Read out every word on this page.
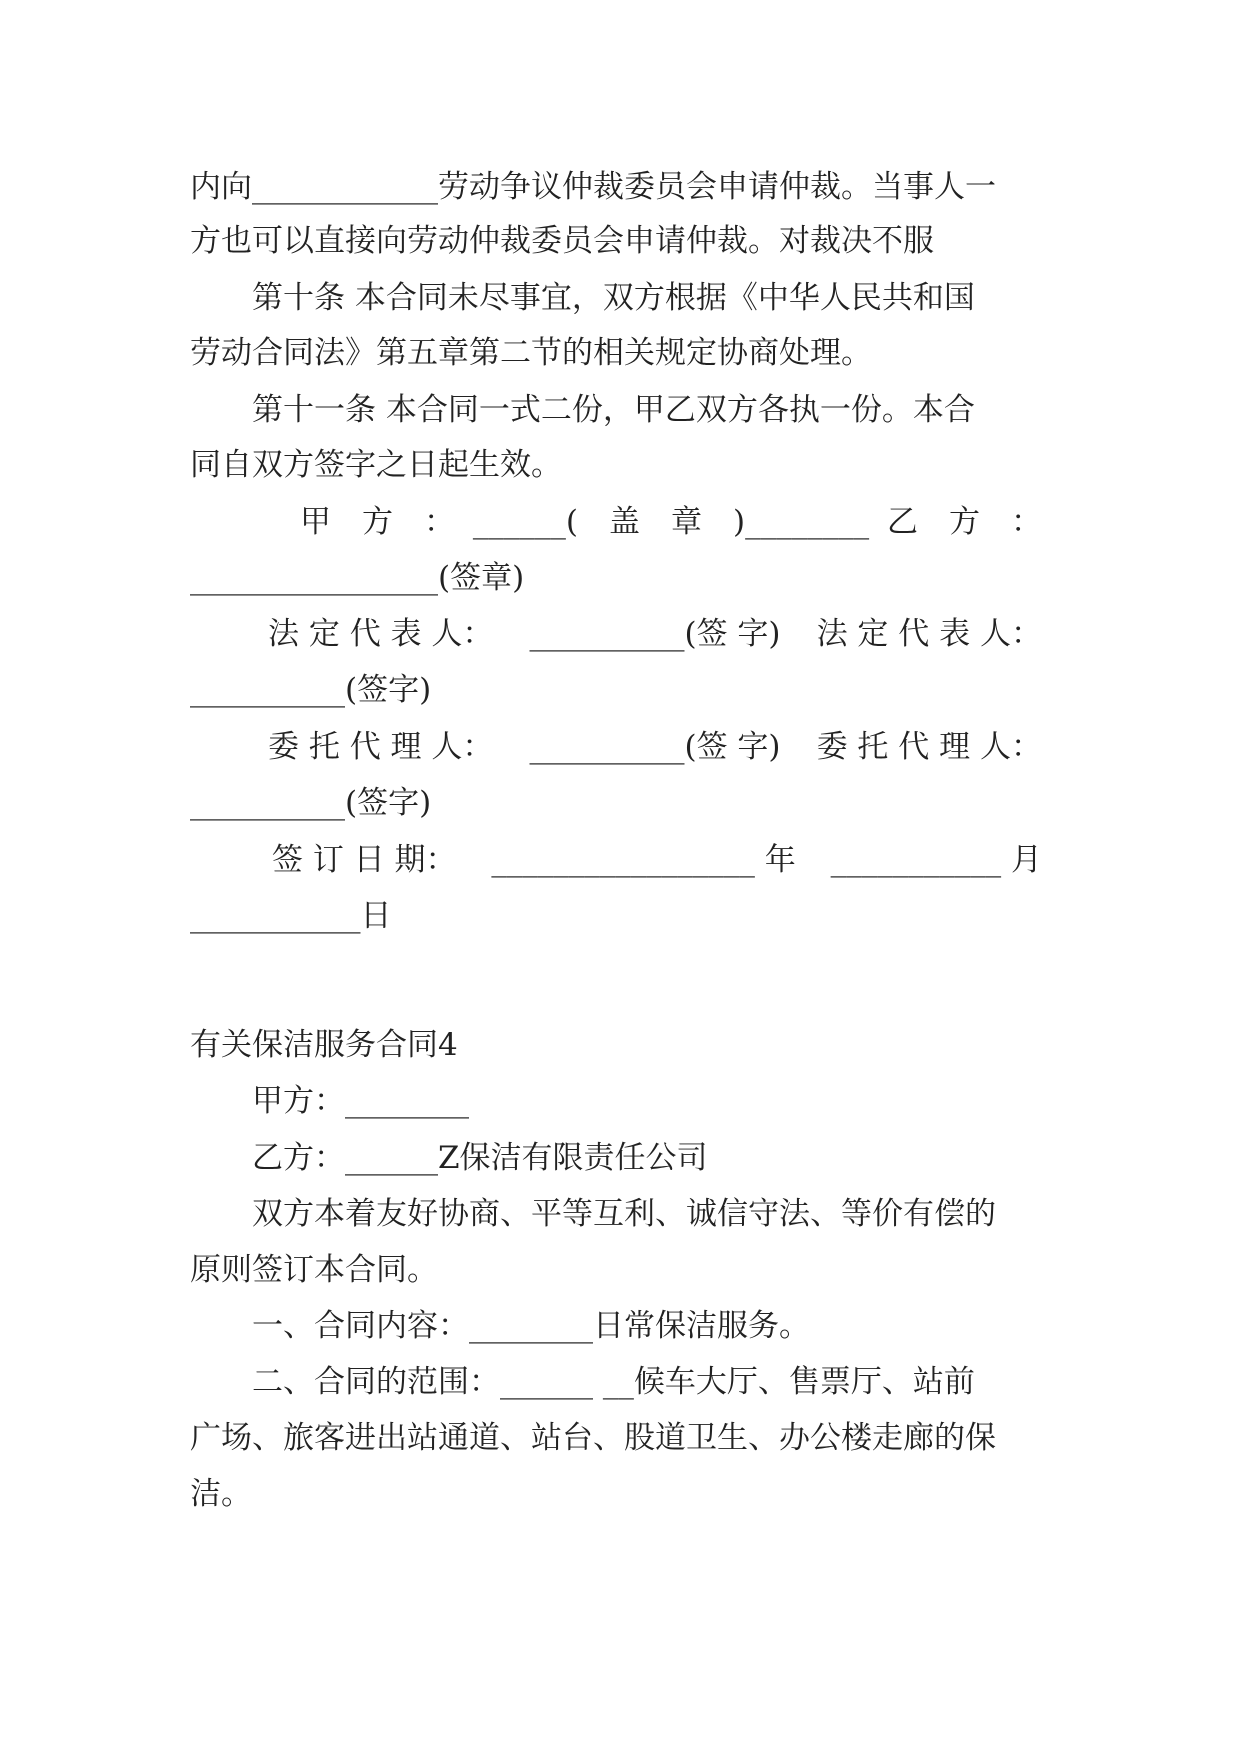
内向____________劳动争议仲裁委员会申请仲裁。当事人一
方也可以直接向劳动仲裁委员会申请仲裁。对裁决不服
第十条 本合同未尽事宜，双方根据《中华人民共和国
劳动合同法》第五章第二节的相关规定协商处理。
第十一条 本合同一式二份，甲乙双方各执一份。本合
同自双方签字之日起生效。
甲　方　： ______(　盖　章　)________ 乙　方　：
________________(签章)
法 定 代 表 人： __________(签 字) 法 定 代 表 人：
__________(签字)
委 托 代 理 人： __________(签 字) 委 托 代 理 人：
__________(签字)
签 订 日 期： _________________ 年 ___________ 月
___________日
有关保洁服务合同4
甲方：________
乙方：______Z保洁有限责任公司
双方本着友好协商、平等互利、诚信守法、等价有偿的
原则签订本合同。
一、合同内容：________日常保洁服务。
二、合同的范围：______ __候车大厅、售票厅、站前
广场、旅客进出站通道、站台、股道卫生、办公楼走廊的保
洁。
